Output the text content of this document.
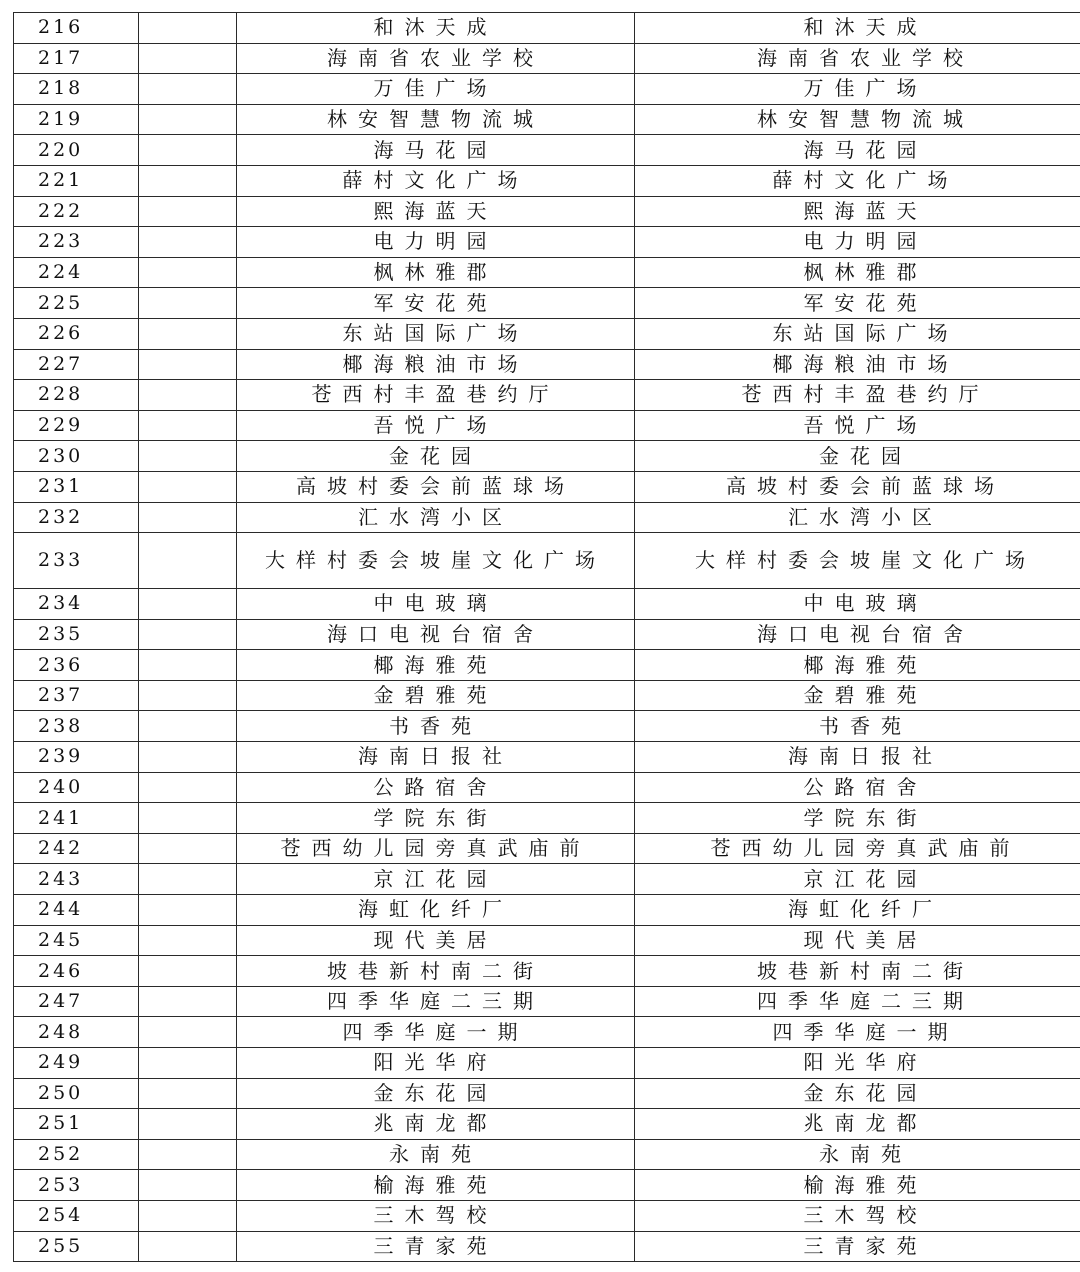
216		和沐天成	和沐天成
217		海南省农业学校	海南省农业学校
218		万佳广场	万佳广场
219		林安智慧物流城	林安智慧物流城
220		海马花园	海马花园
221		薛村文化广场	薛村文化广场
222		熙海蓝天	熙海蓝天
223		电力明园	电力明园
224		枫林雅郡	枫林雅郡
225		军安花苑	军安花苑
226		东站国际广场	东站国际广场
227		椰海粮油市场	椰海粮油市场
228		苍西村丰盈巷约厅	苍西村丰盈巷约厅
229		吾悦广场	吾悦广场
230		金花园	金花园
231		高坡村委会前蓝球场	高坡村委会前蓝球场
232		汇水湾小区	汇水湾小区
233		大样村委会坡崖文化广场	大样村委会坡崖文化广场
234		中电玻璃	中电玻璃
235		海口电视台宿舍	海口电视台宿舍
236		椰海雅苑	椰海雅苑
237		金碧雅苑	金碧雅苑
238		书香苑	书香苑
239		海南日报社	海南日报社
240		公路宿舍	公路宿舍
241		学院东街	学院东街
242		苍西幼儿园旁真武庙前	苍西幼儿园旁真武庙前
243		京江花园	京江花园
244		海虹化纤厂	海虹化纤厂
245		现代美居	现代美居
246		坡巷新村南二街	坡巷新村南二街
247		四季华庭二三期	四季华庭二三期
248		四季华庭一期	四季华庭一期
249		阳光华府	阳光华府
250		金东花园	金东花园
251		兆南龙都	兆南龙都
252		永南苑	永南苑
253		榆海雅苑	榆海雅苑
254		三木驾校	三木驾校
255		三青家苑	三青家苑
